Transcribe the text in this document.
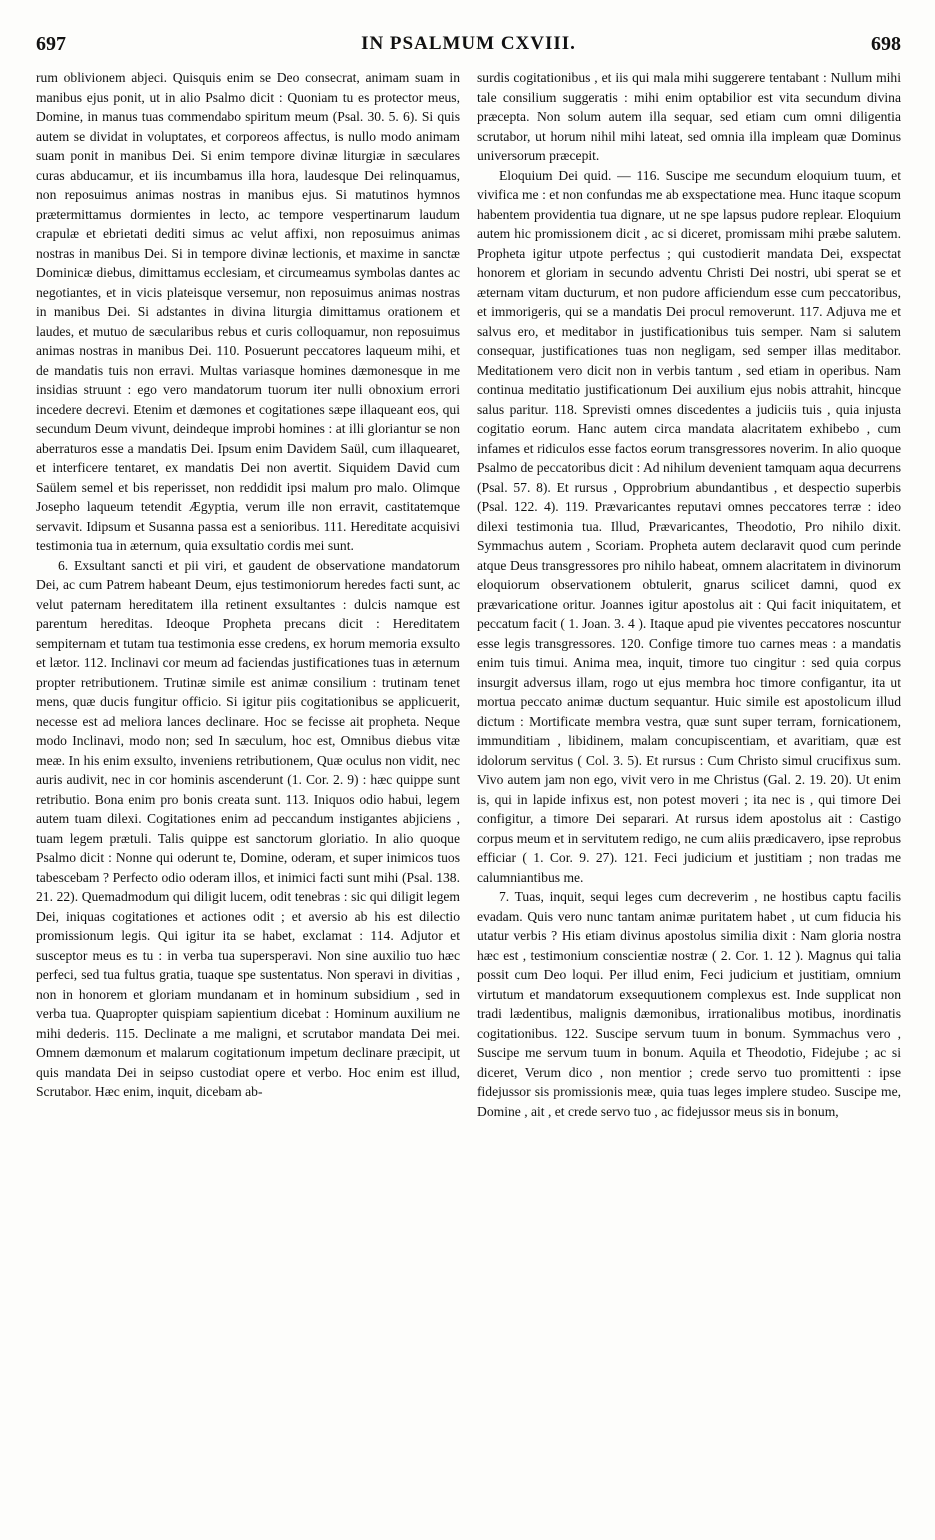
697	IN PSALMUM CXVIII.	698

rum oblivionem abjeci. Quisquis enim se Deo consecrat, animam suam in manibus ejus ponit, ut in alio Psalmo dicit : Quoniam tu es protector meus, Domine, in manus tuas commendabo spiritum meum (Psal. 30. 5. 6). Si quis autem se dividat in voluptates, et corporeos affectus, is nullo modo animam suam ponit in manibus Dei. Si enim tempore divinæ liturgiæ in sæculares curas abducamur, et iis incumbamus illa hora, laudesque Dei relinquamus, non reposuimus animas nostras in manibus ejus. Si matutinos hymnos prætermittamus dormientes in lecto, ac tempore vespertinarum laudum crapulæ et ebrietati dediti simus ac velut affixi, non reposuimus animas nostras in manibus Dei. Si in tempore divinæ lectionis, et maxime in sanctæ Dominicæ diebus, dimittamus ecclesiam, et circumeamus symbolas dantes ac negotiantes, et in vicis plateisque versemur, non reposuimus animas nostras in manibus Dei. Si adstantes in divina liturgia dimittamus orationem et laudes, et mutuo de sæcularibus rebus et curis colloquamur, non reposuimus animas nostras in manibus Dei. 110. Posuerunt peccatores laqueum mihi, et de mandatis tuis non erravi. Multas variasque homines dæmonesque in me insidias struunt : ego vero mandatorum tuorum iter nulli obnoxium errori incedere decrevi. Etenim et dæmones et cogitationes sæpe illaqueant eos, qui secundum Deum vivunt, deindeque improbi homines : at illi gloriantur se non aberraturos esse a mandatis Dei. Ipsum enim Davidem Saül, cum illaquearet, et interficere tentaret, ex mandatis Dei non avertit. Siquidem David cum Saülem semel et bis reperisset, non reddidit ipsi malum pro malo. Olimque Josepho laqueum tetendit Ægyptia, verum ille non erravit, castitatemque servavit. Idipsum et Susanna passa est a senioribus. 111. Hereditate acquisivi testimonia tua in æternum, quia exsultatio cordis mei sunt.

6. Exsultant sancti et pii viri, et gaudent de observatione mandatorum Dei, ac cum Patrem habeant Deum, ejus testimoniorum heredes facti sunt, ac velut paternam hereditatem illa retinent exsultantes : dulcis namque est parentum hereditas. Ideoque Propheta precans dicit : Hereditatem sempiternam et tutam tua testimonia esse credens, ex horum memoria exsulto et lætor. 112. Inclinavi cor meum ad faciendas justificationes tuas in æternum propter retributionem. Trutinæ simile est animæ consilium : trutinam tenet mens, quæ ducis fungitur officio. Si igitur piis cogitationibus se applicuerit, necesse est ad meliora lances declinare. Hoc se fecisse ait propheta. Neque modo Inclinavi, modo non; sed In sæculum, hoc est, Omnibus diebus vitæ meæ. In his enim exsulto, inveniens retributionem, Quæ oculus non vidit, nec auris audivit, nec in cor hominis ascenderunt (1. Cor. 2. 9) : hæc quippe sunt retributio. Bona enim pro bonis creata sunt. 113. Iniquos odio habui, legem autem tuam dilexi. Cogitationes enim ad peccandum instigantes abjiciens , tuam legem prætuli. Talis quippe est sanctorum gloriatio. In alio quoque Psalmo dicit : Nonne qui oderunt te, Domine, oderam, et super inimicos tuos tabescebam ? Perfecto odio oderam illos, et inimici facti sunt mihi (Psal. 138. 21. 22). Quemadmodum qui diligit lucem, odit tenebras : sic qui diligit legem Dei, iniquas cogitationes et actiones odit ; et aversio ab his est dilectio promissionum legis. Qui igitur ita se habet, exclamat : 114. Adjutor et susceptor meus es tu : in verba tua supersperavi. Non sine auxilio tuo hæc perfeci, sed tua fultus gratia, tuaque spe sustentatus. Non speravi in divitias , non in honorem et gloriam mundanam et in hominum subsidium , sed in verba tua. Quapropter quispiam sapientium dicebat : Hominum auxilium ne mihi dederis. 115. Declinate a me maligni, et scrutabor mandata Dei mei. Omnem dæmonum et malarum cogitationum impetum declinare præcipit, ut quis mandata Dei in seipso custodiat opere et verbo. Hoc enim est illud, Scrutabor. Hæc enim, inquit, dicebam ab-

surdis cogitationibus , et iis qui mala mihi suggerere tentabant : Nullum mihi tale consilium suggeratis : mihi enim optabilior est vita secundum divina præcepta. Non solum autem illa sequar, sed etiam cum omni diligentia scrutabor, ut horum nihil mihi lateat, sed omnia illa impleam quæ Dominus universorum præcepit.

Eloquium Dei quid. — 116. Suscipe me secundum eloquium tuum, et vivifica me : et non confundas me ab exspectatione mea. Hunc itaque scopum habentem providentia tua dignare, ut ne spe lapsus pudore replear. Eloquium autem hic promissionem dicit , ac si diceret, promissam mihi præbe salutem. Propheta igitur utpote perfectus ; qui custodierit mandata Dei, exspectat honorem et gloriam in secundo adventu Christi Dei nostri, ubi sperat se et æternam vitam ducturum, et non pudore afficiendum esse cum peccatoribus, et immorigeris, qui se a mandatis Dei procul removerunt. 117. Adjuva me et salvus ero, et meditabor in justificationibus tuis semper. Nam si salutem consequar, justificationes tuas non negligam, sed semper illas meditabor. Meditationem vero dicit non in verbis tantum , sed etiam in operibus. Nam continua meditatio justificationum Dei auxilium ejus nobis attrahit, hincque salus paritur. 118. Sprevisti omnes discedentes a judiciis tuis , quia injusta cogitatio eorum. Hanc autem circa mandata alacritatem exhibebo , cum infames et ridiculos esse factos eorum transgressores noverim. In alio quoque Psalmo de peccatoribus dicit : Ad nihilum devenient tamquam aqua decurrens (Psal. 57. 8). Et rursus , Opprobrium abundantibus , et despectio superbis (Psal. 122. 4). 119. Prævaricantes reputavi omnes peccatores terræ : ideo dilexi testimonia tua. Illud, Prævaricantes, Theodotio, Pro nihilo dixit. Symmachus autem , Scoriam. Propheta autem declaravit quod cum perinde atque Deus transgressores pro nihilo habeat, omnem alacritatem in divinorum eloquiorum observationem obtulerit, gnarus scilicet damni, quod ex prævaricatione oritur. Joannes igitur apostolus ait : Qui facit iniquitatem, et peccatum facit ( 1. Joan. 3. 4 ). Itaque apud pie viventes peccatores noscuntur esse legis transgressores. 120. Confige timore tuo carnes meas : a mandatis enim tuis timui. Anima mea, inquit, timore tuo cingitur : sed quia corpus insurgit adversus illam, rogo ut ejus membra hoc timore configantur, ita ut mortua peccato animæ ductum sequantur. Huic simile est apostolicum illud dictum : Mortificate membra vestra, quæ sunt super terram, fornicationem, immunditiam , libidinem, malam concupiscentiam, et avaritiam, quæ est idolorum servitus ( Col. 3. 5). Et rursus : Cum Christo simul crucifixus sum. Vivo autem jam non ego, vivit vero in me Christus (Gal. 2. 19. 20). Ut enim is, qui in lapide infixus est, non potest moveri ; ita nec is , qui timore Dei configitur, a timore Dei separari. At rursus idem apostolus ait : Castigo corpus meum et in servitutem redigo, ne cum aliis prædicavero, ipse reprobus efficiar ( 1. Cor. 9. 27). 121. Feci judicium et justitiam ; non tradas me calumniantibus me.

7. Tuas, inquit, sequi leges cum decreverim , ne hostibus captu facilis evadam. Quis vero nunc tantam animæ puritatem habet , ut cum fiducia his utatur verbis ? His etiam divinus apostolus similia dixit : Nam gloria nostra hæc est , testimonium conscientiæ nostræ ( 2. Cor. 1. 12 ). Magnus qui talia possit cum Deo loqui. Per illud enim, Feci judicium et justitiam, omnium virtutum et mandatorum exsequutionem complexus est. Inde supplicat non tradi lædentibus, malignis dæmonibus, irrationalibus motibus, inordinatis cogitationibus. 122. Suscipe servum tuum in bonum. Symmachus vero , Suscipe me servum tuum in bonum. Aquila et Theodotio, Fidejube ; ac si diceret, Verum dico , non mentior ; crede servo tuo promittenti : ipse fidejussor sis promissionis meæ, quia tuas leges implere studeo. Suscipe me, Domine , ait , et crede servo tuo , ac fidejussor meus sis in bonum,
